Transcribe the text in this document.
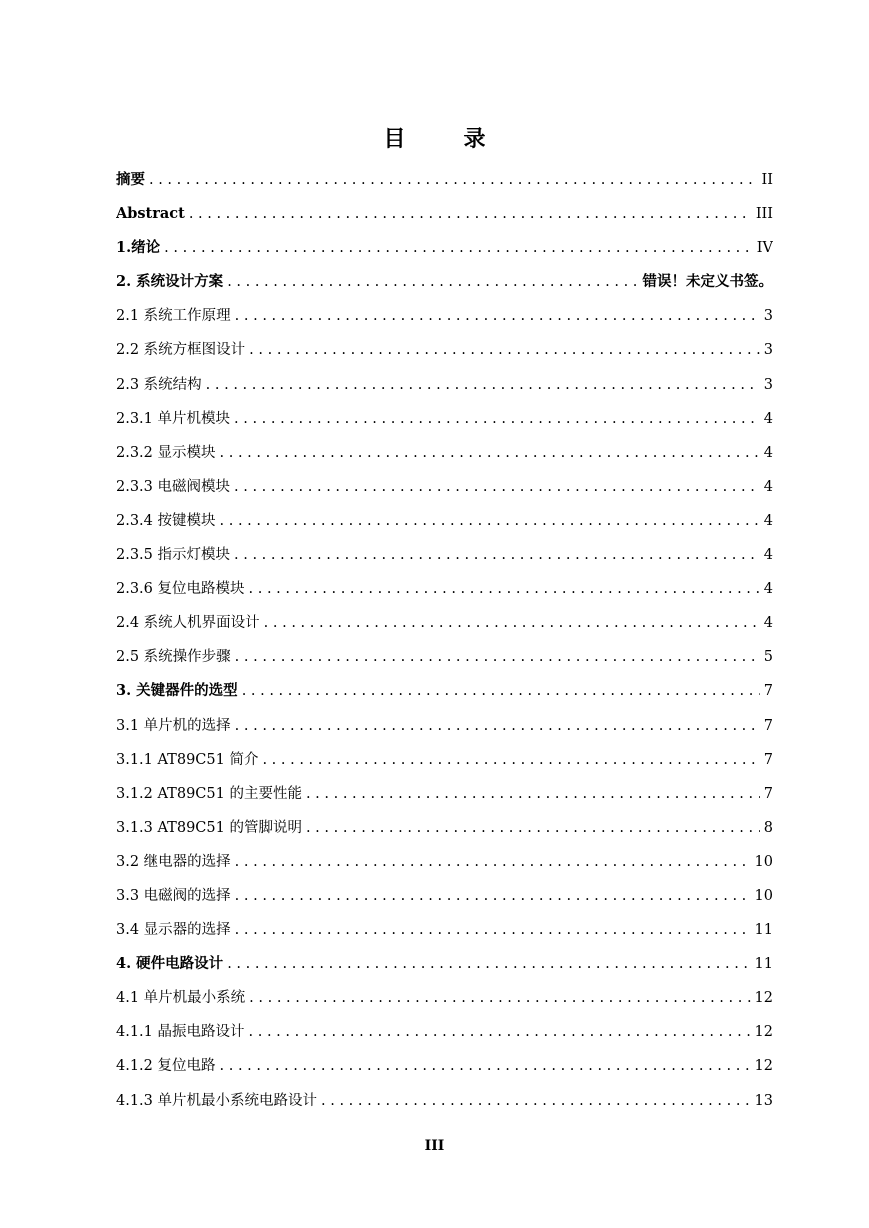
目　录
摘要 . . .	II
Abstract . . .	III
1.绪论 . . .	IV
2. 系统设计方案 . . .	错误！未定义书签。
2.1 系统工作原理 . . .	3
2.2 系统方框图设计 . . .	3
2.3 系统结构 . . .	3
2.3.1 单片机模块 . . .	4
2.3.2 显示模块 . . .	4
2.3.3 电磁阀模块 . . .	4
2.3.4 按键模块 . . .	4
2.3.5 指示灯模块 . . .	4
2.3.6 复位电路模块 . . .	4
2.4 系统人机界面设计 . . .	4
2.5 系统操作步骤 . . .	5
3. 关键器件的选型 . . .	7
3.1 单片机的选择 . . .	7
3.1.1 AT89C51 简介 . . .	7
3.1.2 AT89C51 的主要性能 . . .	7
3.1.3 AT89C51 的管脚说明 . . .	8
3.2 继电器的选择 . . .	10
3.3 电磁阀的选择 . . .	10
3.4 显示器的选择 . . .	11
4. 硬件电路设计 . . .	11
4.1 单片机最小系统 . . .	12
4.1.1 晶振电路设计 . . .	12
4.1.2 复位电路 . . .	12
4.1.3 单片机最小系统电路设计 . . .	13
III
